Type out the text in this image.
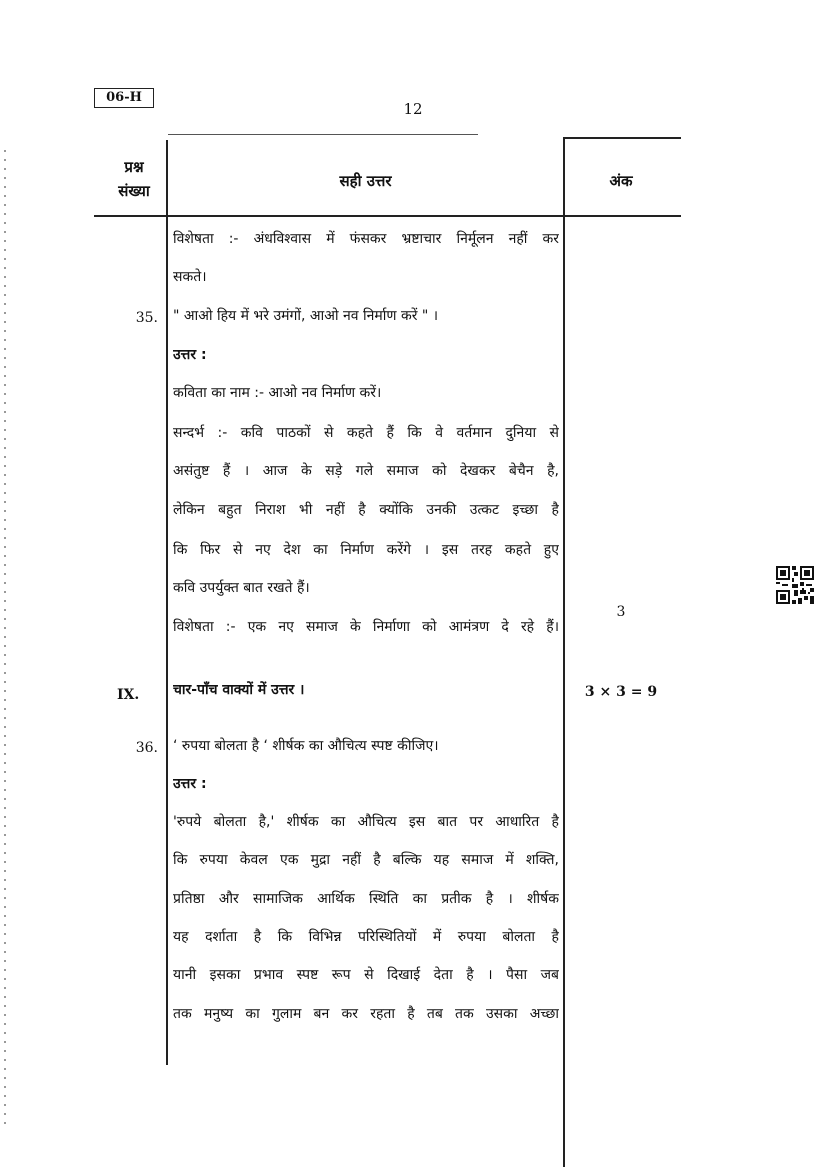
06-H
12
प्रश्न
संख्या
सही उत्तर	अंक
विशेषता :- अंधविश्वास में फंसकर भ्रष्टाचार निर्मूलन नहीं कर
सकते।
35. " आओ हिय में भरे उमंगों, आओ नव निर्माण करें " ।
उत्तर :
कविता का नाम :- आओ नव निर्माण करें।
सन्दर्भ :- कवि पाठकों से कहते हैं कि वे वर्तमान दुनिया से
असंतुष्ट हैं । आज के सड़े गले समाज को देखकर बेचैन है,
लेकिन बहुत निराश भी नहीं है क्योंकि उनकी उत्कट इच्छा है
कि फिर से नए देश का निर्माण करेंगे । इस तरह कहते हुए
कवि उपर्युक्त बात रखते हैं।
विशेषता :- एक नए समाज के निर्माणा को आमंत्रण दे रहे हैं।
3
IX. चार-पाँच वाक्यों में उत्तर ।	3 × 3 = 9
36. ‘ रुपया बोलता है ‘ शीर्षक का औचित्य स्पष्ट कीजिए।
उत्तर :
'रुपये बोलता है,' शीर्षक का औचित्य इस बात पर आधारित है
कि रुपया केवल एक मुद्रा नहीं है बल्कि यह समाज में शक्ति,
प्रतिष्ठा और सामाजिक आर्थिक स्थिति का प्रतीक है । शीर्षक
यह दर्शाता है कि विभिन्न परिस्थितियों में रुपया बोलता है
यानी इसका प्रभाव स्पष्ट रूप से दिखाई देता है । पैसा जब
तक मनुष्य का गुलाम बन कर रहता है तब तक उसका अच्छा
